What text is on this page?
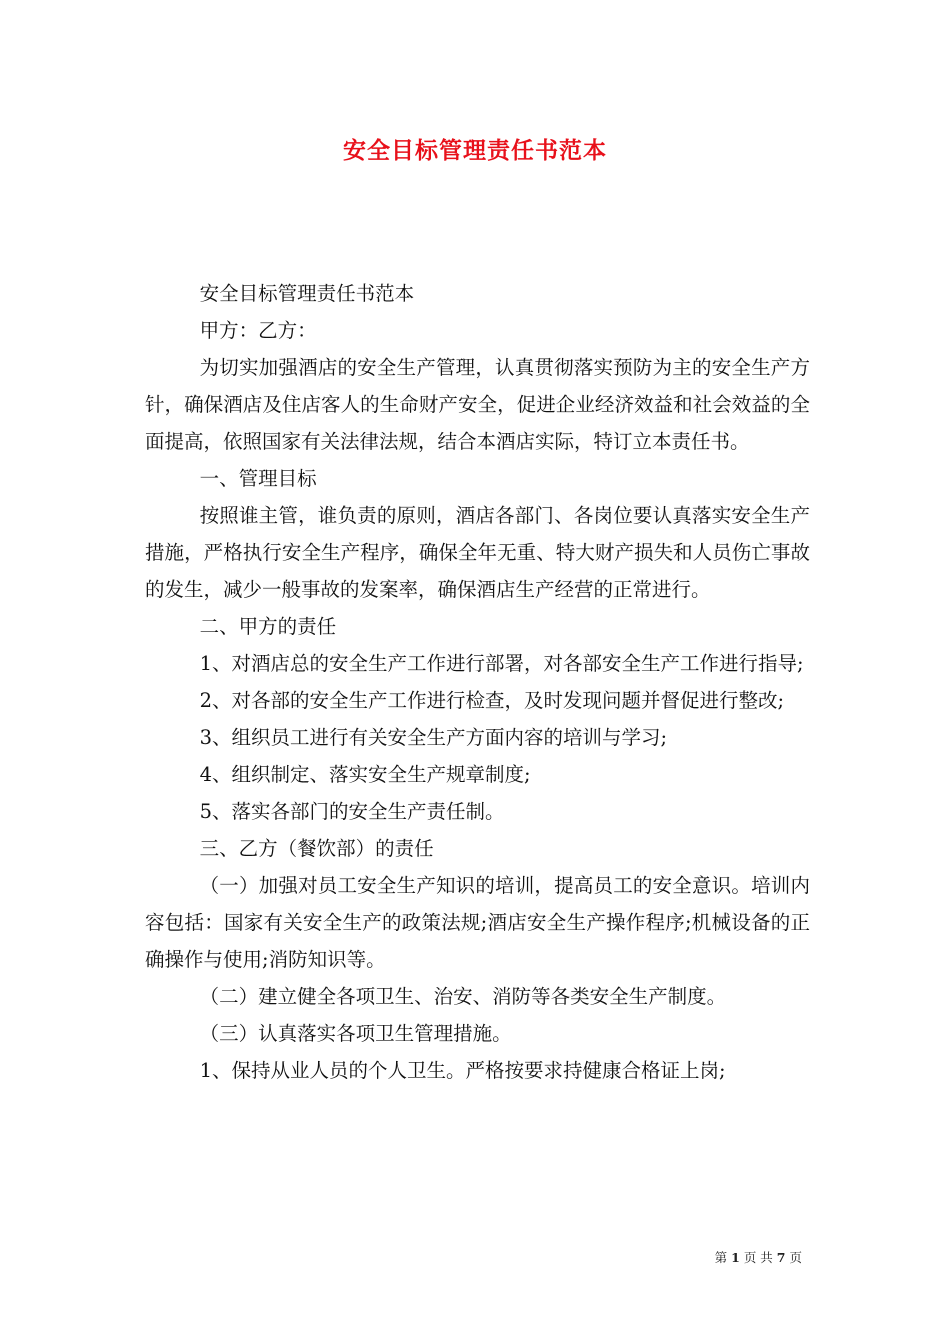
安全目标管理责任书范本

安全目标管理责任书范本

甲方：乙方：

为切实加强酒店的安全生产管理，认真贯彻落实预防为主的安全生产方针，确保酒店及住店客人的生命财产安全，促进企业经济效益和社会效益的全面提高，依照国家有关法律法规，结合本酒店实际，特订立本责任书。

一、管理目标

按照谁主管，谁负责的原则，酒店各部门、各岗位要认真落实安全生产措施，严格执行安全生产程序，确保全年无重、特大财产损失和人员伤亡事故的发生，减少一般事故的发案率，确保酒店生产经营的正常进行。

二、甲方的责任

1、对酒店总的安全生产工作进行部署，对各部安全生产工作进行指导;

2、对各部的安全生产工作进行检查，及时发现问题并督促进行整改;

3、组织员工进行有关安全生产方面内容的培训与学习;

4、组织制定、落实安全生产规章制度;

5、落实各部门的安全生产责任制。

三、乙方（餐饮部）的责任

（一）加强对员工安全生产知识的培训，提高员工的安全意识。培训内容包括：国家有关安全生产的政策法规;酒店安全生产操作程序;机械设备的正确操作与使用;消防知识等。

（二）建立健全各项卫生、治安、消防等各类安全生产制度。

（三）认真落实各项卫生管理措施。

1、保持从业人员的个人卫生。严格按要求持健康合格证上岗;

第 1 页 共 7 页
